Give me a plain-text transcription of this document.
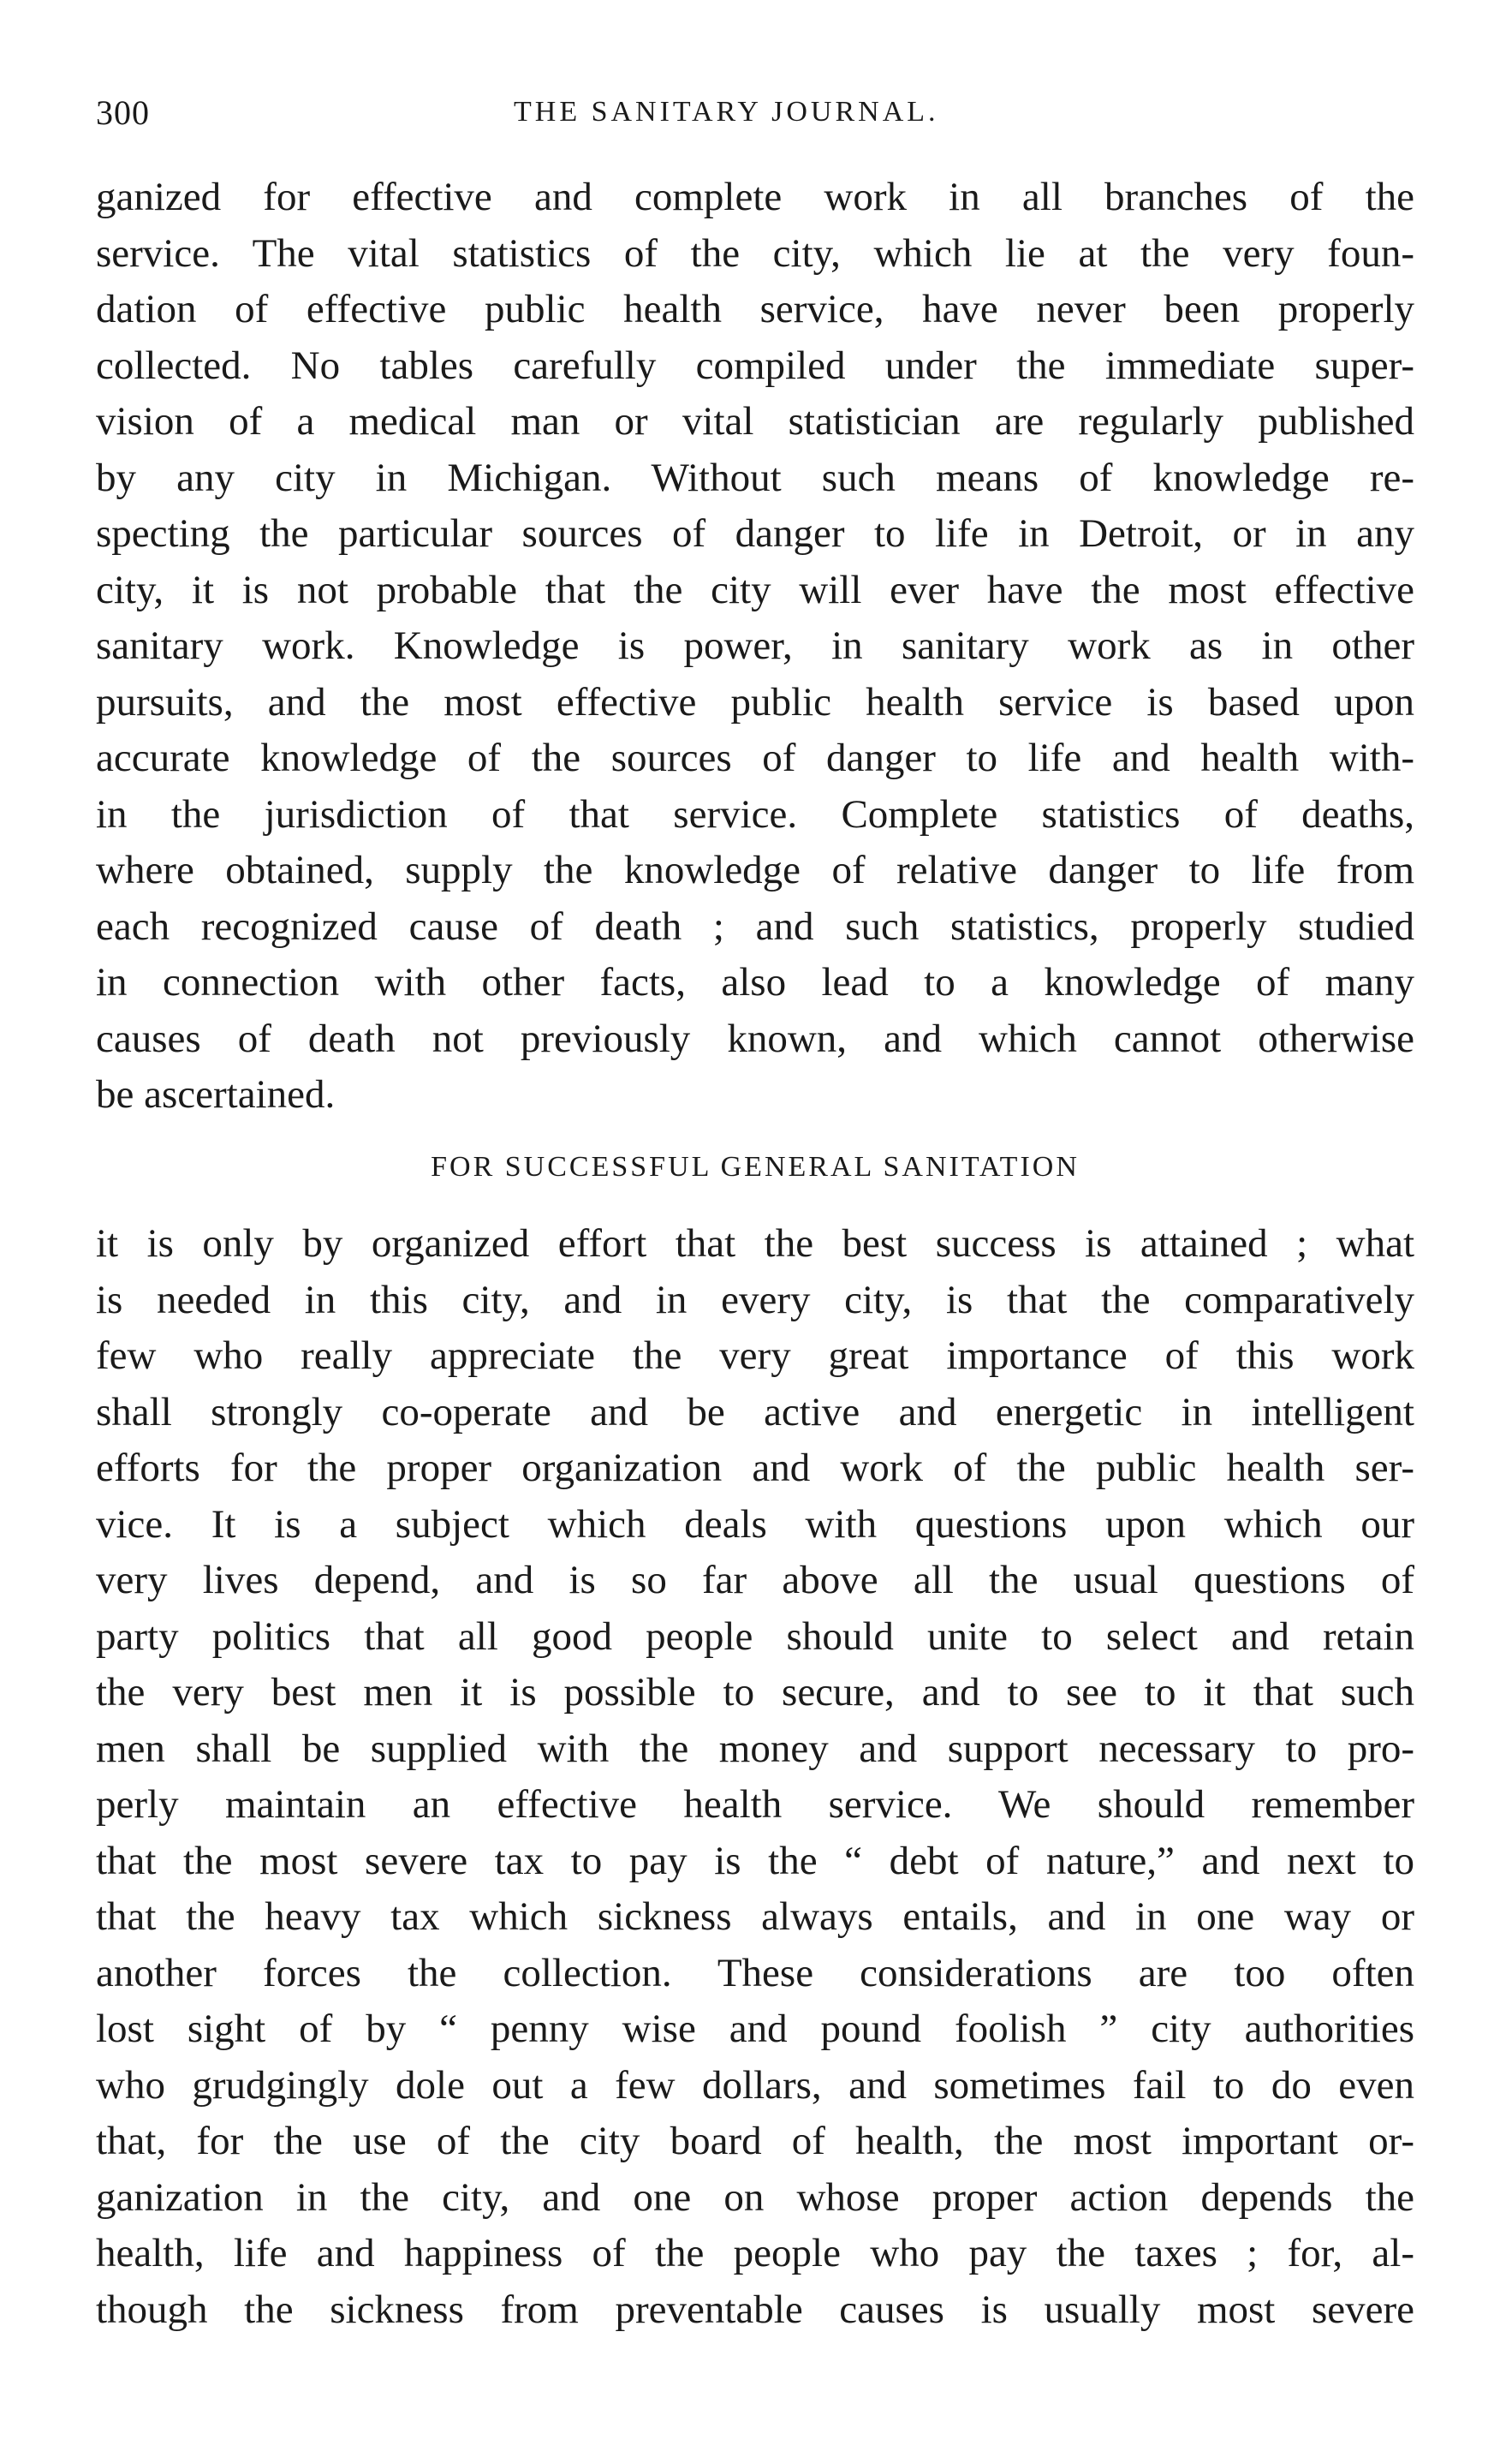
300	THE SANITARY JOURNAL.
ganized for effective and complete work in all branches of the
service. The vital statistics of the city, which lie at the very foun-
dation of effective public health service, have never been properly
collected. No tables carefully compiled under the immediate super-
vision of a medical man or vital statistician are regularly published
by any city in Michigan. Without such means of knowledge re-
specting the particular sources of danger to life in Detroit, or in any
city, it is not probable that the city will ever have the most effective
sanitary work. Knowledge is power, in sanitary work as in other
pursuits, and the most effective public health service is based upon
accurate knowledge of the sources of danger to life and health with-
in the jurisdiction of that service. Complete statistics of deaths,
where obtained, supply the knowledge of relative danger to life from
each recognized cause of death ; and such statistics, properly studied
in connection with other facts, also lead to a knowledge of many
causes of death not previously known, and which cannot otherwise
be ascertained.
FOR SUCCESSFUL GENERAL SANITATION
it is only by organized effort that the best success is attained ; what
is needed in this city, and in every city, is that the comparatively
few who really appreciate the very great importance of this work
shall strongly co-operate and be active and energetic in intelligent
efforts for the proper organization and work of the public health ser-
vice. It is a subject which deals with questions upon which our
very lives depend, and is so far above all the usual questions of
party politics that all good people should unite to select and retain
the very best men it is possible to secure, and to see to it that such
men shall be supplied with the money and support necessary to pro-
perly maintain an effective health service. We should remember
that the most severe tax to pay is the “ debt of nature,” and next to
that the heavy tax which sickness always entails, and in one way or
another forces the collection. These considerations are too often
lost sight of by “ penny wise and pound foolish ” city authorities
who grudgingly dole out a few dollars, and sometimes fail to do even
that, for the use of the city board of health, the most important or-
ganization in the city, and one on whose proper action depends the
health, life and happiness of the people who pay the taxes ; for, al-
though the sickness from preventable causes is usually most severe
